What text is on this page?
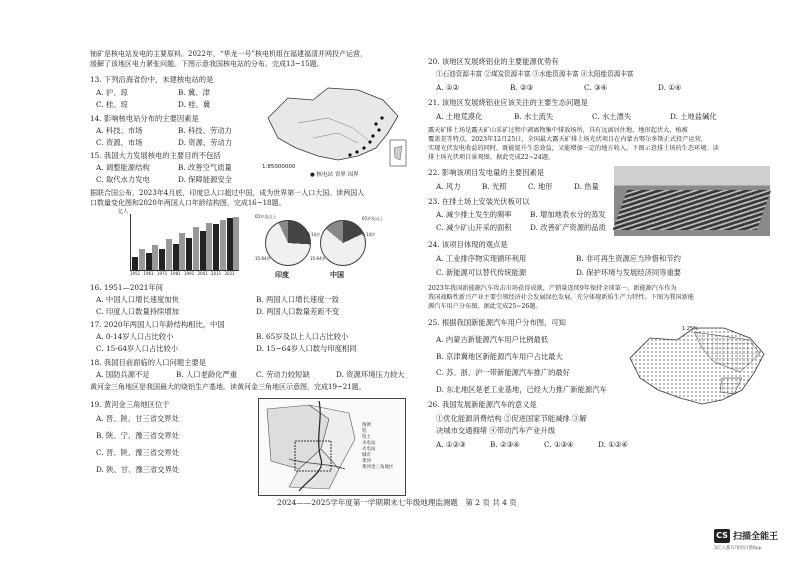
铀矿是核电站发电的主要原料。2022年，“华龙一号”核电机组在福建福清并网投产运营，
缓解了该地区电力紧张问题。下图示意我国核电站的分布。完成13~15题。
13. 下列沿海省份中，未建核电站的是
A. 沪、琼	B. 冀、津
C. 桂、琼	D. 桂、冀
14. 影响核电站分布的主要因素是
A. 科技、市场	B. 科技、劳动力
C. 资源、市场	D. 资源、劳动力
15. 我国大力发展核电的主要目的不包括
A. 调整能源结构	B. 改善空气质量
C. 取代水力发电	D. 保障能源安全
1:85000000
● 核电站 省界 国界
据联合国公布，2023年4月底，印度总人口超过中国，成为世界第一人口大国。读两国人
口数量变化图和2020年两国人口年龄结构图，完成16~18题。
亿人
1951 1961 1971 1981 1991 2001 2011 2021
65岁及以上
0-14岁
15-64岁
印度
65岁及以上
0-14岁
15-64岁
中国
16. 1951—2021年间
A. 中国人口增长速度加快	B. 两国人口增长速度一致
C. 印度人口数量持续增加	D. 两国人口数量差距不变
17. 2020年两国人口年龄结构相比，中国
A. 0-14岁人口占比较小	B. 65岁及以上人口占比较小
C. 15-64岁人口占比较小	D. 15~64岁人口数与印度相同
18. 我国目前面临的人口问题主要是
A. 国防兵源不足	B. 人口老龄化严重	C. 劳动力较短缺	D. 资源环境压力较大
黄河金三角地区是我国最大的烧铝生产基地。读黄河金三角地区示意图，完成19~21题。
19. 黄河金三角地区位于
A. 晋、陕、甘三省交界处
B. 陕、宁、豫三省交界处
C. 晋、陕、豫三省交界处
D. 陕、甘、豫三省交界处
图例
铝
铝土
水电站
火电站
城市
黄河
黄河金三角地区
20. 该地区发展烧铝业的主要能源优势有
①石油资源丰富 ②煤炭资源丰富 ③水能资源丰富 ④太阳能资源丰富
A. ①②	B. ②③	C. ③④	D. ①④
21. 该地区发展烧铝业应该关注的主要生态问题是
A. 土地荒漠化	B. 水土流失	C. 水土漂失	D. 土地盐碱化
露天矿排土场是露天矿山采矿过程中剥离物集中排放场所，具有远离居住地，地形起伏大，植被
覆盖差等特点。2023年12月25日，全国最大露天矿排土场光伏项目在内蒙古鄂尔多斯正式投产运营，
实现光伏发电收益的同时，既能提升生态效益，又能增加一定的地方收入。下图示意排土场的生态环境。读
排土场光伏项目景观图，据此完成22~24题。
22. 影响该项目发电量的主要因素是
A. 风力	B. 光照	C. 地形	D. 热量
23. 在排土场上安装光伏板可以
A. 减少排土发生的频率	B. 增加地表水分的蒸发
C. 减少矿山开采的面积	D. 改善矿产资源的品质
24. 该项目体现的观点是
A. 工业排序物实现循环利用	B. 非可再生资源应当珍惜和节约
C. 新能源可以替代传统能源	D. 保护环境与发展经济同等重要
2023年我国新能源汽车攻击市场获得成就，产销量连续9年保持全球第一。新能源汽车作为
我国战略性新兴产业主要引领经济社会发展绿色发展，充分体现新质生产力特性。下图为我国新能
源汽车用户分布图。据此完成25~26题。
25. 根据我国新能源汽车用户分布图，可知
A. 内蒙古新能源汽车用户比例最低
B. 京津冀地区新能源汽车用户占比最大
C. 苏、浙、沪一带新能源汽车推广的最好
D. 东北地区是老工业基地，已经大力推广新能源汽车
1.25%
26. 我国发展新能源汽车的意义是
①优化能源消费结构 ②促进国家节能减排 ③解
决城市交通拥堵 ④带动汽车产业升级
A. ①②③	B. ②③④	C. ①③④	D. ①②④
2024——2025学年度第一学期期末七年级地理监测题　第 2 页 共 4 页
CS 扫描全能王
3亿人都在用的扫描App
